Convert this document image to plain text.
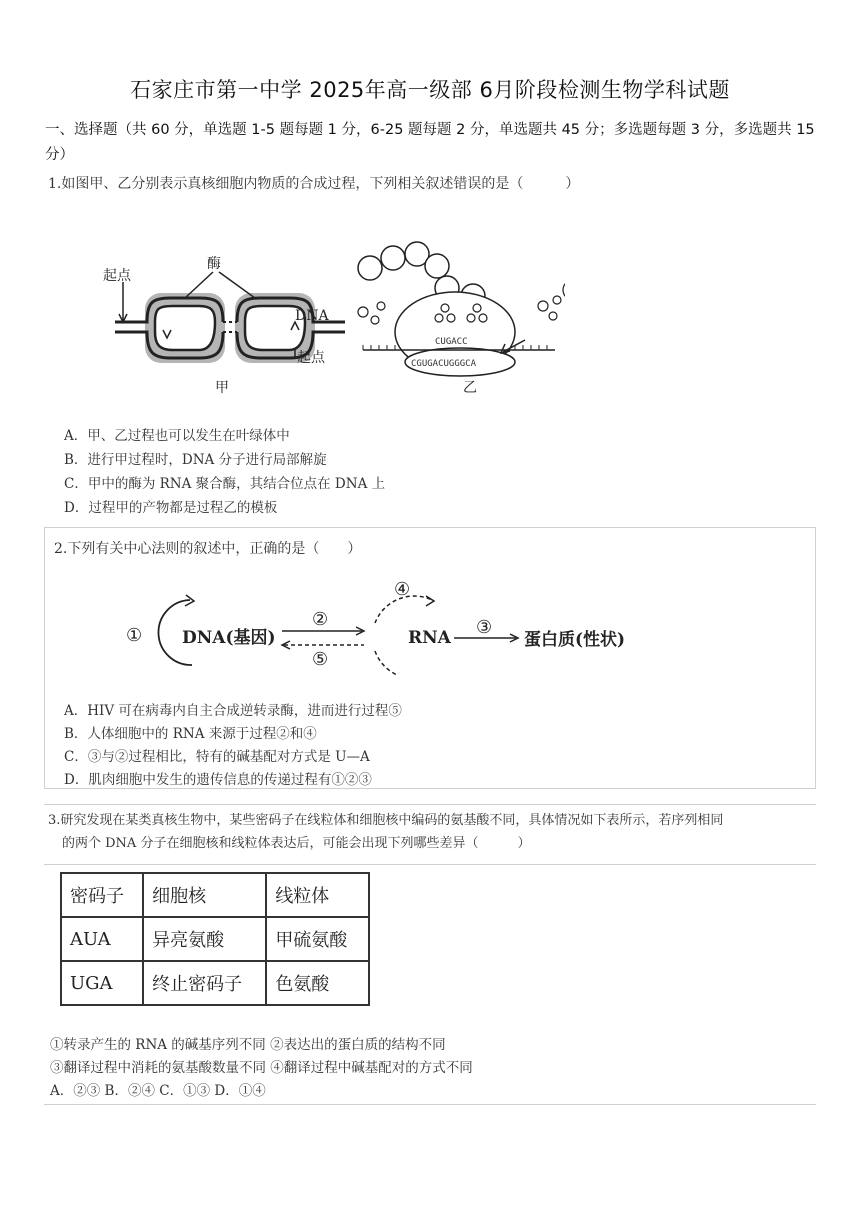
石家庄市第一中学 2025年高一级部 6月阶段检测生物学科试题
一、选择题（共 60 分，单选题 1-5 题每题 1 分，6-25 题每题 2 分，单选题共 45 分；多选题每题 3 分，多选题共 15 分）
1.如图甲、乙分别表示真核细胞内物质的合成过程，下列相关叙述错误的是（　　　）
起点
酶
DNA
起点
甲
CUGACC
CGUGACUGGGCA
乙
A．甲、乙过程也可以发生在叶绿体中
B．进行甲过程时，DNA 分子进行局部解旋
C．甲中的酶为 RNA 聚合酶，其结合位点在 DNA 上
D．过程甲的产物都是过程乙的模板
2.下列有关中心法则的叙述中，正确的是（　　）
① DNA(基因)
②
⑤
④
RNA ③
蛋白质(性状)
A．HIV 可在病毒内自主合成逆转录酶，进而进行过程⑤
B．人体细胞中的 RNA 来源于过程②和④
C．③与②过程相比，特有的碱基配对方式是 U—A
D．肌肉细胞中发生的遗传信息的传递过程有①②③
3.研究发现在某类真核生物中，某些密码子在线粒体和细胞核中编码的氨基酸不同，具体情况如下表所示，若序列相同
的两个 DNA 分子在细胞核和线粒体表达后，可能会出现下列哪些差异（　　　）
密码子	细胞核	线粒体
AUA	异亮氨酸	甲硫氨酸
UGA	终止密码子	色氨酸
①转录产生的 RNA 的碱基序列不同 ②表达出的蛋白质的结构不同
③翻译过程中消耗的氨基酸数量不同 ④翻译过程中碱基配对的方式不同
A．②③ B．②④ C．①③ D．①④
